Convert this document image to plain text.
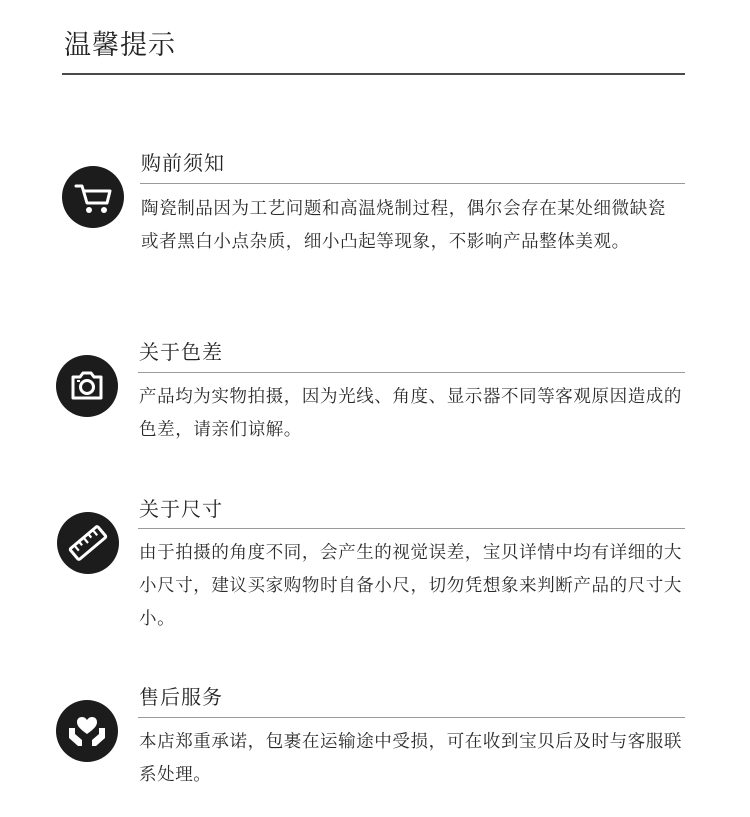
温馨提示
购前须知
陶瓷制品因为工艺问题和高温烧制过程，偶尔会存在某处细微缺瓷或者黑白小点杂质，细小凸起等现象，不影响产品整体美观。
关于色差
产品均为实物拍摄，因为光线、角度、显示器不同等客观原因造成的色差，请亲们谅解。
关于尺寸
由于拍摄的角度不同，会产生的视觉误差，宝贝详情中均有详细的大小尺寸，建议买家购物时自备小尺，切勿凭想象来判断产品的尺寸大小。
售后服务
本店郑重承诺，包裹在运输途中受损，可在收到宝贝后及时与客服联系处理。
